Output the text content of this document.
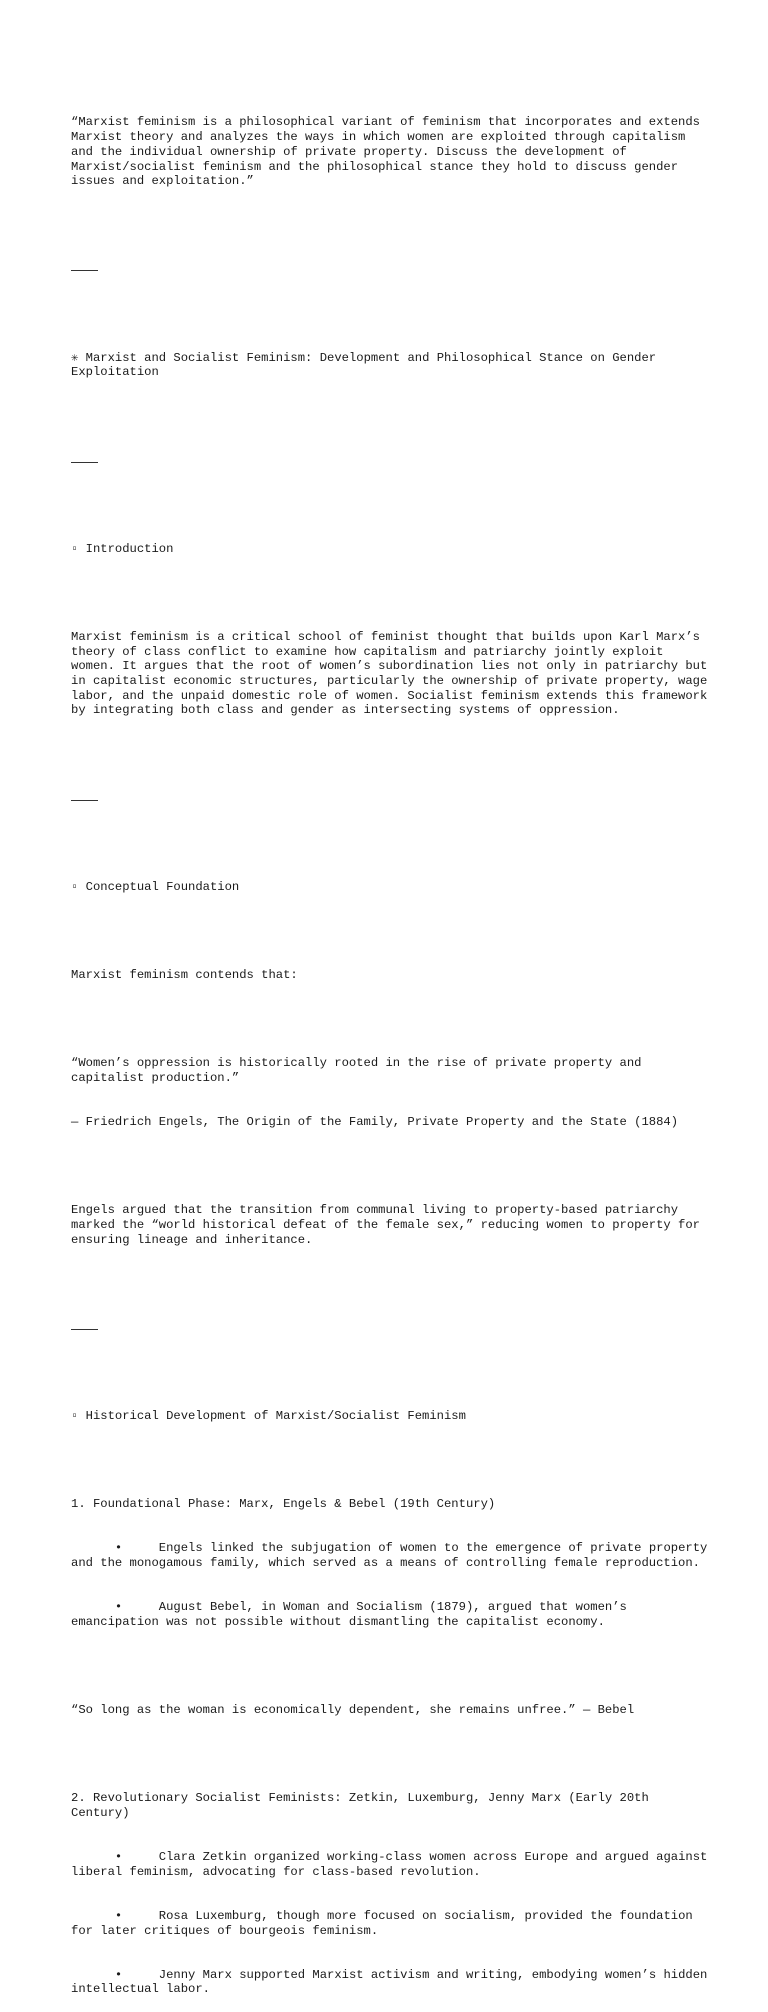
“Marxist feminism is a philosophical variant of feminism that incorporates and extends Marxist theory and analyzes the ways in which women are exploited through capitalism and the individual ownership of private property. Discuss the development of Marxist/socialist feminism and the philosophical stance they hold to discuss gender issues and exploitation.”

✳ Marxist and Socialist Feminism: Development and Philosophical Stance on Gender Exploitation

▫ Introduction

Marxist feminism is a critical school of feminist thought that builds upon Karl Marx’s theory of class conflict to examine how capitalism and patriarchy jointly exploit women. It argues that the root of women’s subordination lies not only in patriarchy but in capitalist economic structures, particularly the ownership of private property, wage labor, and the unpaid domestic role of women. Socialist feminism extends this framework by integrating both class and gender as intersecting systems of oppression.

▫ Conceptual Foundation

Marxist feminism contends that:

“Women’s oppression is historically rooted in the rise of private property and capitalist production.”

— Friedrich Engels, The Origin of the Family, Private Property and the State (1884)

Engels argued that the transition from communal living to property-based patriarchy marked the “world historical defeat of the female sex,” reducing women to property for ensuring lineage and inheritance.

▫ Historical Development of Marxist/Socialist Feminism

1. Foundational Phase: Marx, Engels & Bebel (19th Century)

•	Engels linked the subjugation of women to the emergence of private property and the monogamous family, which served as a means of controlling female reproduction.

•	August Bebel, in Woman and Socialism (1879), argued that women’s emancipation was not possible without dismantling the capitalist economy.

“So long as the woman is economically dependent, she remains unfree.” — Bebel

2. Revolutionary Socialist Feminists: Zetkin, Luxemburg, Jenny Marx (Early 20th Century)

•	Clara Zetkin organized working-class women across Europe and argued against liberal feminism, advocating for class-based revolution.

•	Rosa Luxemburg, though more focused on socialism, provided the foundation for later critiques of bourgeois feminism.

•	Jenny Marx supported Marxist activism and writing, embodying women’s hidden intellectual labor.
